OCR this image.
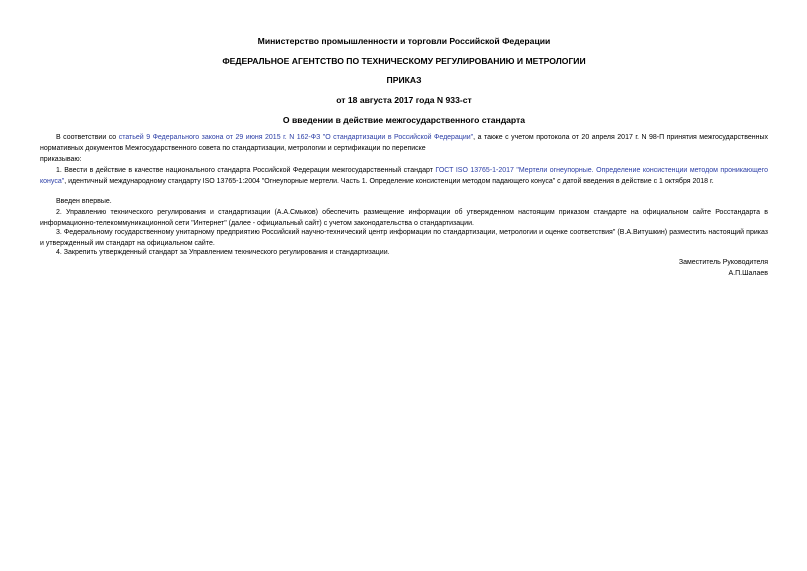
Министерство промышленности и торговли Российской Федерации
ФЕДЕРАЛЬНОЕ АГЕНТСТВО ПО ТЕХНИЧЕСКОМУ РЕГУЛИРОВАНИЮ И МЕТРОЛОГИИ
ПРИКАЗ
от 18 августа 2017 года N 933-ст
О введении в действие межгосударственного стандарта
В соответствии со статьей 9 Федерального закона от 29 июня 2015 г. N 162-ФЗ "О стандартизации в Российской Федерации", а также с учетом протокола от 20 апреля 2017 г. N 98-П принятия межгосударственных нормативных документов Межгосударственного совета по стандартизации, метрологии и сертификации по переписке
приказываю:
1. Ввести в действие в качестве национального стандарта Российской Федерации межгосударственный стандарт ГОСТ ISO 13765-1-2017 "Мертели огнеупорные. Определение консистенции методом проникающего конуса", идентичный международному стандарту ISO 13765-1:2004 "Огнеупорные мертели. Часть 1. Определение консистенции методом падающего конуса" с датой введения в действие с 1 октября 2018 г.
Введен впервые.
2. Управлению технического регулирования и стандартизации (А.А.Смыков) обеспечить размещение информации об утвержденном настоящим приказом стандарте на официальном сайте Росстандарта в информационно-телекоммуникационной сети "Интернет" (далее - официальный сайт) с учетом законодательства о стандартизации.
3. Федеральному государственному унитарному предприятию Российский научно-технический центр информации по стандартизации, метрологии и оценке соответствия" (В.А.Витушкин) разместить настоящий приказ и утвержденный им стандарт на официальном сайте.
4. Закрепить утвержденный стандарт за Управлением технического регулирования и стандартизации.
Заместитель Руководителя
А.П.Шалаев
